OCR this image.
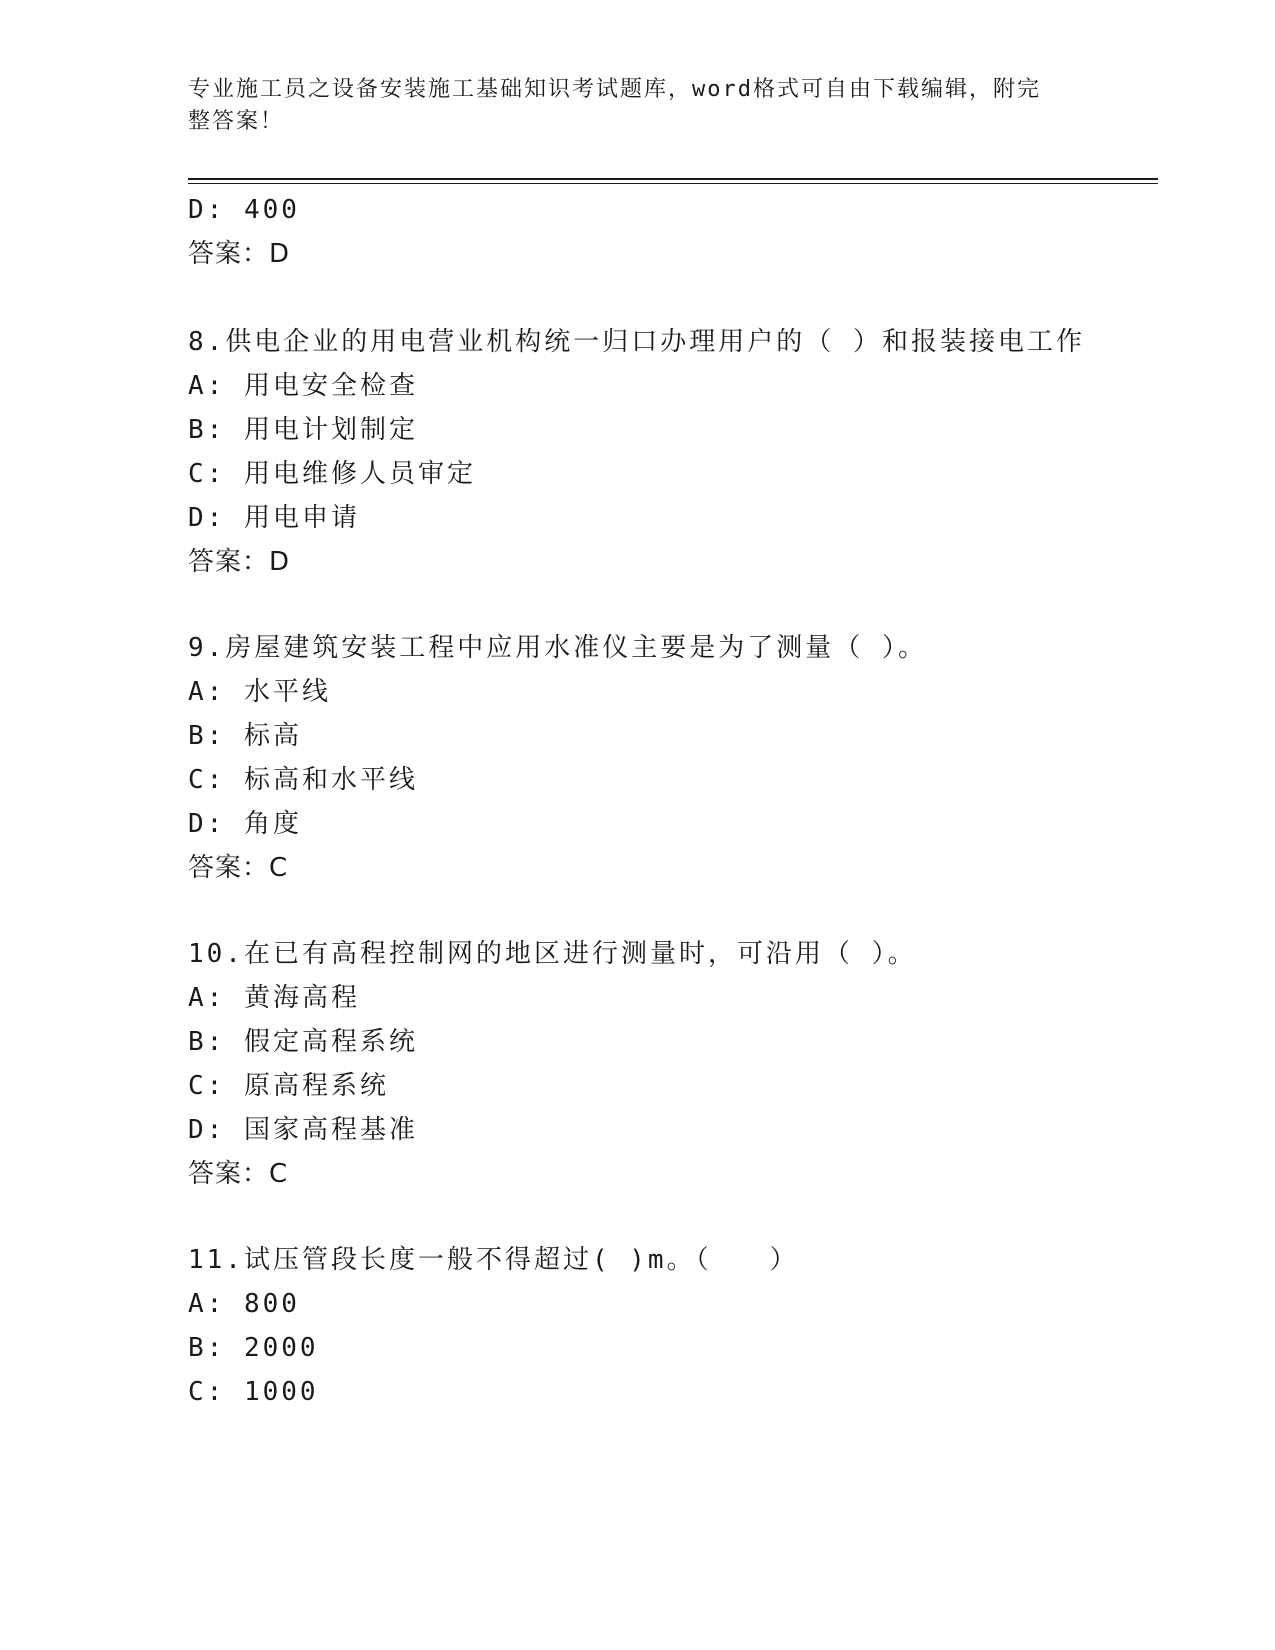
专业施工员之设备安装施工基础知识考试题库，word格式可自由下载编辑，附完
整答案！
D: 400
答案：D
8.供电企业的用电营业机构统一归口办理用户的（ ）和报装接电工作
A: 用电安全检查
B: 用电计划制定
C: 用电维修人员审定
D: 用电申请
答案：D
9.房屋建筑安装工程中应用水准仪主要是为了测量（ ）。
A: 水平线
B: 标高
C: 标高和水平线
D: 角度
答案：C
10.在已有高程控制网的地区进行测量时，可沿用（ ）。
A: 黄海高程
B: 假定高程系统
C: 原高程系统
D: 国家高程基准
答案：C
11.试压管段长度一般不得超过( )m。（　　）
A: 800
B: 2000
C: 1000
